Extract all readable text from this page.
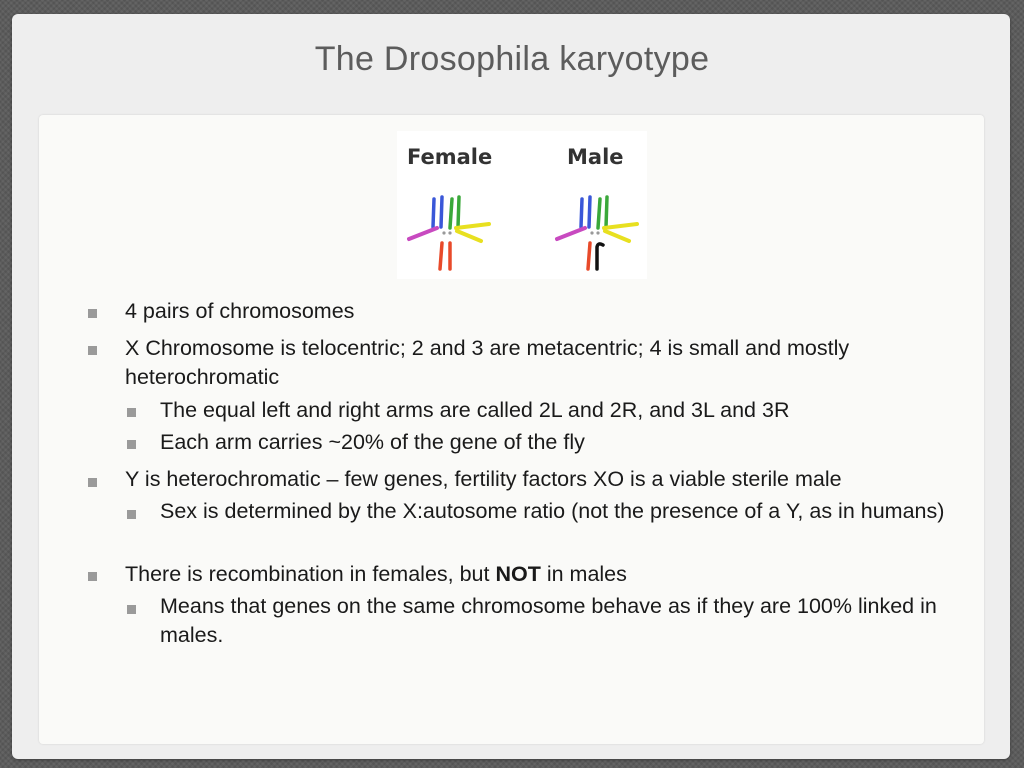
The Drosophila karyotype
Female	Male
4 pairs of chromosomes
X Chromosome is telocentric; 2 and 3 are metacentric; 4 is small and mostly heterochromatic
The equal left and right arms are called 2L and 2R, and 3L and 3R
Each arm carries ~20% of the gene of the fly
Y is heterochromatic – few genes, fertility factors XO is a viable sterile male
Sex is determined by the X:autosome ratio (not the presence of a Y, as in humans)
There is recombination in females, but NOT in males
Means that genes on the same chromosome behave as if they are 100% linked in males.
